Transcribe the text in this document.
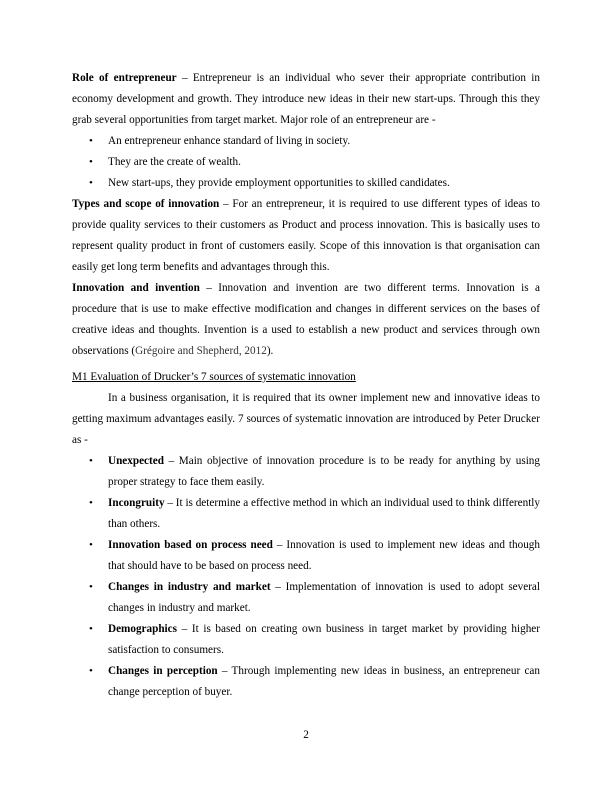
Role of entrepreneur – Entrepreneur is an individual who sever their appropriate contribution in economy development and growth. They introduce new ideas in their new start-ups. Through this they grab several opportunities from target market. Major role of an entrepreneur are -

• An entrepreneur enhance standard of living in society.
• They are the create of wealth.
• New start-ups, they provide employment opportunities to skilled candidates.

Types and scope of innovation – For an entrepreneur, it is required to use different types of ideas to provide quality services to their customers as Product and process innovation. This is basically uses to represent quality product in front of customers easily. Scope of this innovation is that organisation can easily get long term benefits and advantages through this.

Innovation and invention – Innovation and invention are two different terms. Innovation is a procedure that is use to make effective modification and changes in different services on the bases of creative ideas and thoughts. Invention is a used to establish a new product and services through own observations (Grégoire and Shepherd, 2012).

M1 Evaluation of Drucker’s 7 sources of systematic innovation

In a business organisation, it is required that its owner implement new and innovative ideas to getting maximum advantages easily. 7 sources of systematic innovation are introduced by Peter Drucker as -

• Unexpected – Main objective of innovation procedure is to be ready for anything by using proper strategy to face them easily.
• Incongruity – It is determine a effective method in which an individual used to think differently than others.
• Innovation based on process need – Innovation is used to implement new ideas and though that should have to be based on process need.
• Changes in industry and market – Implementation of innovation is used to adopt several changes in industry and market.
• Demographics – It is based on creating own business in target market by providing higher satisfaction to consumers.
• Changes in perception – Through implementing new ideas in business, an entrepreneur can change perception of buyer.
2
